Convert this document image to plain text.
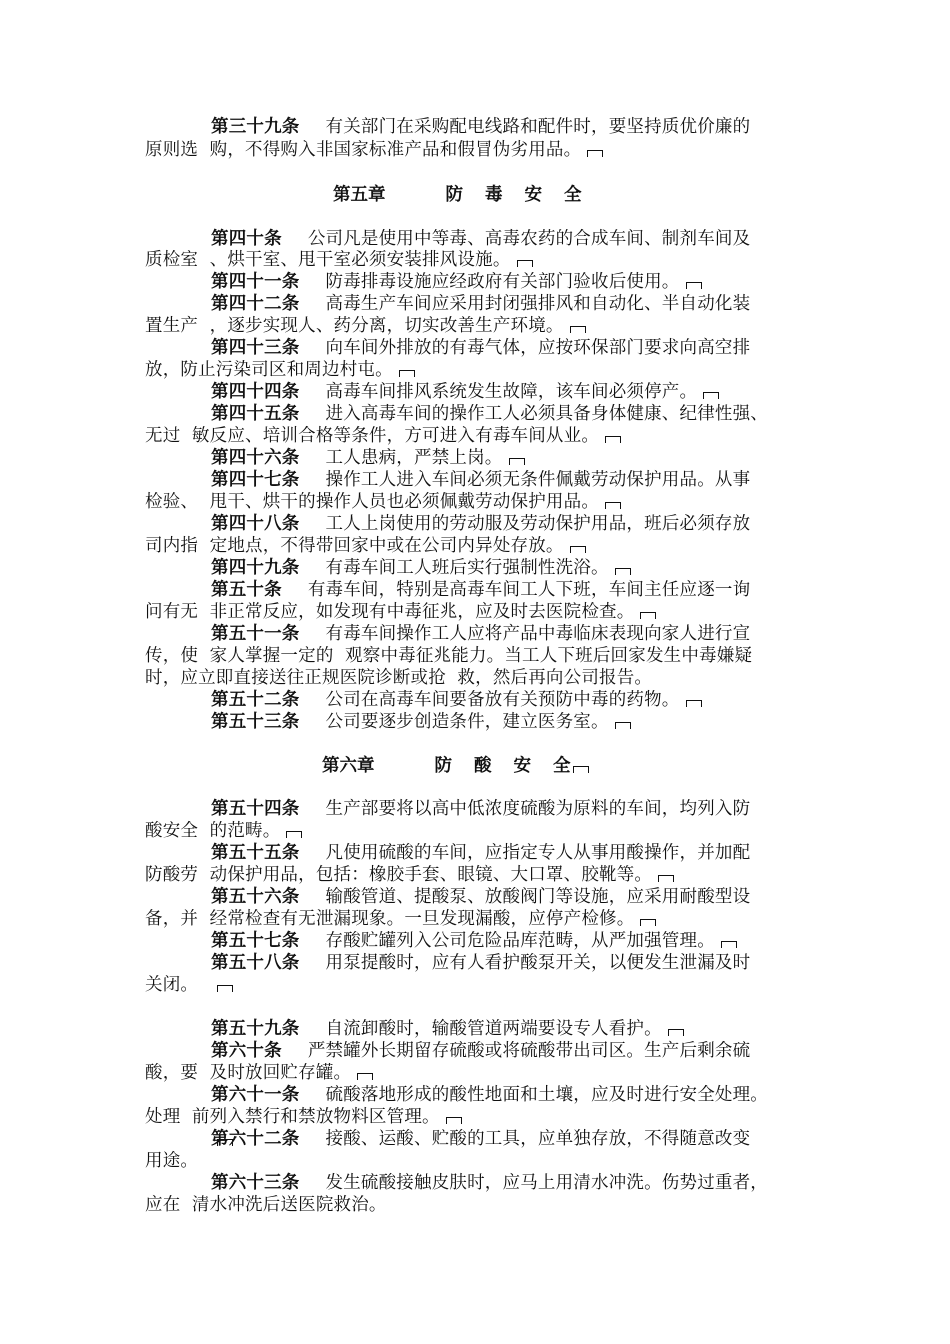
第三十九条 有关部门在采购配电线路和配件时，要坚持质优价廉的
原则选  购，不得购入非国家标准产品和假冒伪劣用品。
第五章	防毒安全
第四十条 公司凡是使用中等毒、高毒农药的合成车间、制剂车间及
质检室  、烘干室、甩干室必须安装排风设施。
第四十一条 防毒排毒设施应经政府有关部门验收后使用。
第四十二条 高毒生产车间应采用封闭强排风和自动化、半自动化装
置生产  ，逐步实现人、药分离，切实改善生产环境。
第四十三条 向车间外排放的有毒气体，应按环保部门要求向高空排
放，防止污染司区和周边村屯。
第四十四条 高毒车间排风系统发生故障，该车间必须停产。
第四十五条 进入高毒车间的操作工人必须具备身体健康、纪律性强、
无过  敏反应、培训合格等条件，方可进入有毒车间从业。
第四十六条 工人患病，严禁上岗。
第四十七条 操作工人进入车间必须无条件佩戴劳动保护用品。从事
检验、  甩干、烘干的操作人员也必须佩戴劳动保护用品。
第四十八条 工人上岗使用的劳动服及劳动保护用品，班后必须存放
司内指  定地点，不得带回家中或在公司内异处存放。
第四十九条 有毒车间工人班后实行强制性洗浴。
第五十条 有毒车间，特别是高毒车间工人下班，车间主任应逐一询
问有无  非正常反应，如发现有中毒征兆，应及时去医院检查。
第五十一条 有毒车间操作工人应将产品中毒临床表现向家人进行宣
传，使  家人掌握一定的  观察中毒征兆能力。当工人下班后回家发生中毒嫌疑
时，应立即直接送往正规医院诊断或抢  救，然后再向公司报告。
第五十二条 公司在高毒车间要备放有关预防中毒的药物。
第五十三条 公司要逐步创造条件，建立医务室。
第六章	防酸安全
第五十四条 生产部要将以高中低浓度硫酸为原料的车间，均列入防
酸安全  的范畴。
第五十五条 凡使用硫酸的车间，应指定专人从事用酸操作，并加配
防酸劳  动保护用品，包括：橡胶手套、眼镜、大口罩、胶靴等。
第五十六条 输酸管道、提酸泵、放酸阀门等设施，应采用耐酸型设
备，并  经常检查有无泄漏现象。一旦发现漏酸，应停产检修。
第五十七条 存酸贮罐列入公司危险品库范畴，从严加强管理。
第五十八条 用泵提酸时，应有人看护酸泵开关，以便发生泄漏及时
关闭。
第五十九条 自流卸酸时，输酸管道两端要设专人看护。
第六十条 严禁罐外长期留存硫酸或将硫酸带出司区。生产后剩余硫
酸，要  及时放回贮存罐。
第六十一条 硫酸落地形成的酸性地面和土壤，应及时进行安全处理。
处理  前列入禁行和禁放物料区管理。
第六十二条 接酸、运酸、贮酸的工具，应单独存放，不得随意改变
用途。
第六十三条 发生硫酸接触皮肤时，应马上用清水冲洗。伤势过重者，
应在  清水冲洗后送医院救治。
